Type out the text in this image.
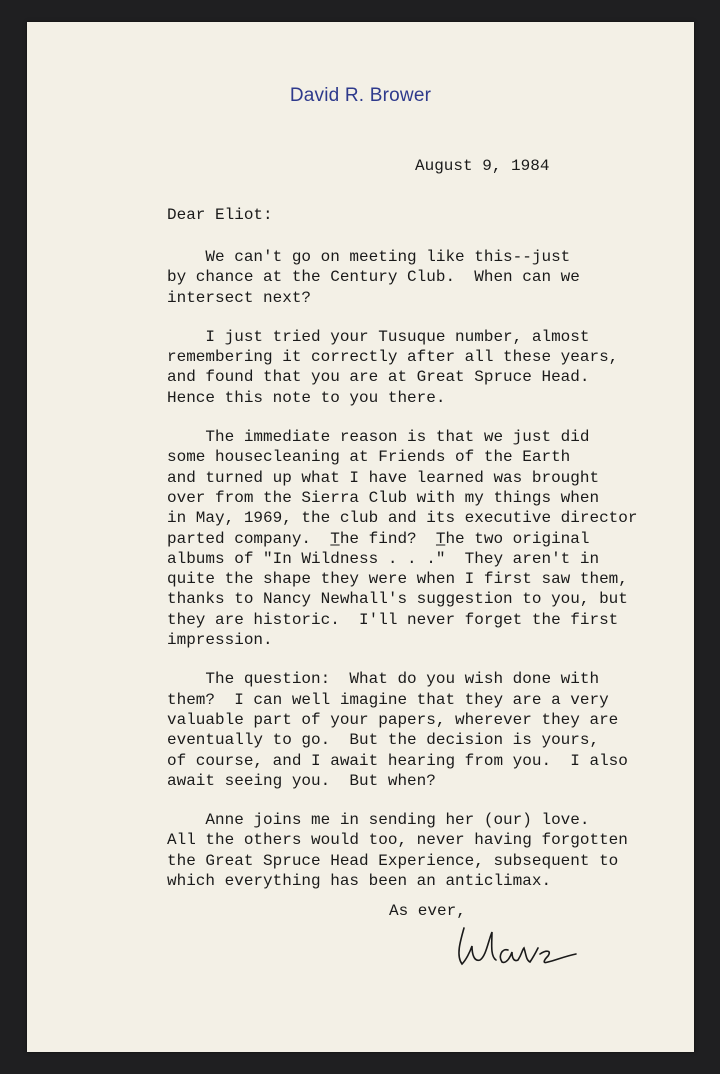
David R. Brower
August 9, 1984
Dear Eliot:
We can't go on meeting like this--just
by chance at the Century Club.  When can we
intersect next?
I just tried your Tusuque number, almost
remembering it correctly after all these years,
and found that you are at Great Spruce Head.
Hence this note to you there.
The immediate reason is that we just did
some housecleaning at Friends of the Earth
and turned up what I have learned was brought
over from the Sierra Club with my things when
in May, 1969, the club and its executive director
parted company.  T̲he find?  T̲he two original
albums of "In Wildness . . ."  They aren't in
quite the shape they were when I first saw them,
thanks to Nancy Newhall's suggestion to you, but
they are historic.  I'll never forget the first
impression.
The question:  What do you wish done with
them?  I can well imagine that they are a very
valuable part of your papers, wherever they are
eventually to go.  But the decision is yours,
of course, and I await hearing from you.  I also
await seeing you.  But when?
Anne joins me in sending her (our) love.
All the others would too, never having forgotten
the Great Spruce Head Experience, subsequent to
which everything has been an anticlimax.
As ever,
